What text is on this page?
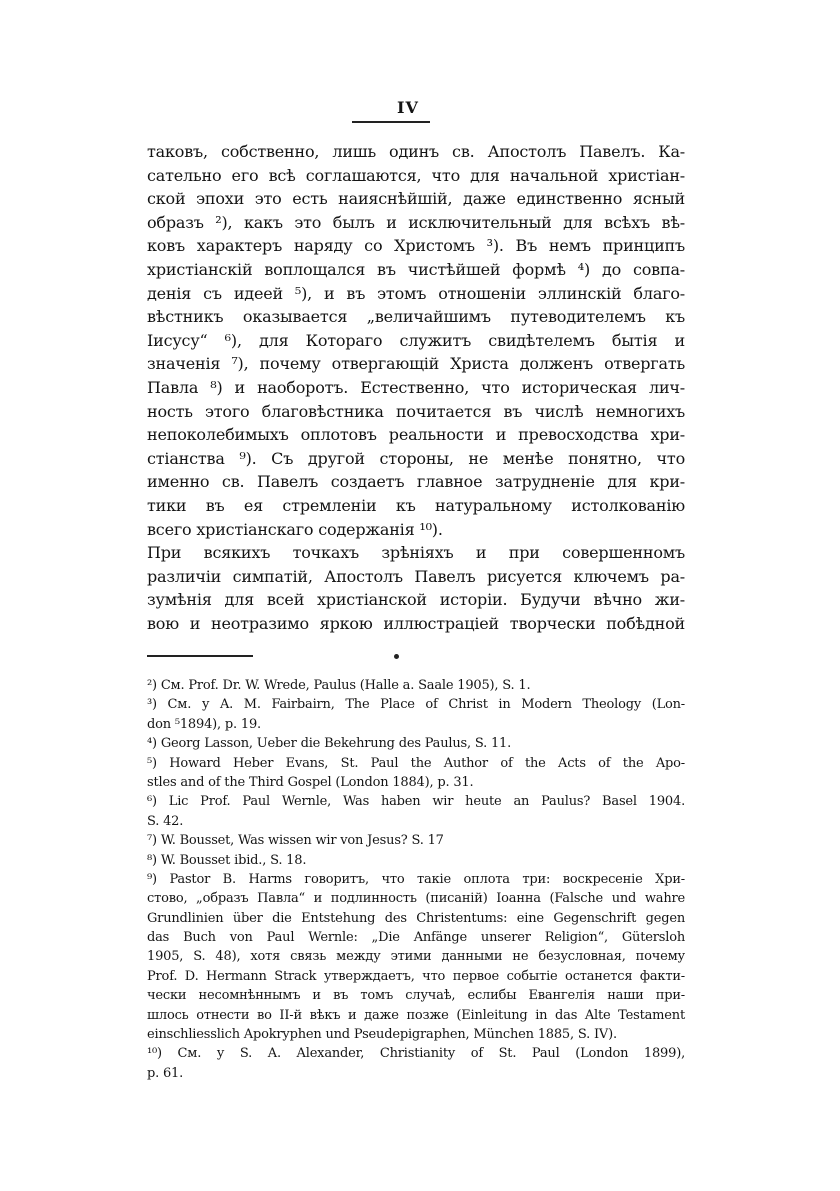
IV
таковъ, собственно, лишь одинъ св. Апостолъ Павелъ. Ка-
сательно его всѣ соглашаются, что для начальной христіан-
ской эпохи это есть наияснѣйшій, даже единственно ясный
образъ ²), какъ это былъ и исключительный для всѣхъ вѣ-
ковъ характеръ наряду со Христомъ ³). Въ немъ принципъ
христіанскій воплощался въ чистѣйшей формѣ ⁴) до совпа-
денія съ идеей ⁵), и въ этомъ отношеніи эллинскій благо-
вѣстникъ оказывается „величайшимъ путеводителемъ къ
Іисусу“ ⁶), для Котораго служитъ свидѣтелемъ бытія и
значенія ⁷), почему отвергающій Христа долженъ отвергать
Павла ⁸) и наоборотъ. Естественно, что историческая лич-
ность этого благовѣстника почитается въ числѣ немногихъ
непоколебимыхъ оплотовъ реальности и превосходства хри-
стіанства ⁹). Съ другой стороны, не менѣе понятно, что
именно св. Павелъ создаетъ главное затрудненіе для кри-
тики въ ея стремленіи къ натуральному истолкованію
всего христіанскаго содержанія ¹⁰).
При всякихъ точкахъ зрѣніяхъ и при совершенномъ
различіи симпатій, Апостолъ Павелъ рисуется ключемъ ра-
зумѣнія для всей христіанской исторіи. Будучи вѣчно жи-
вою и неотразимо яркою иллюстраціей творчески побѣдной
²) См. Prof. Dr. W. Wrede, Paulus (Halle a. Saale 1905), S. 1.
³) См. у A. M. Fairbairn, The Place of Christ in Modern Theology (Lon-
don ⁵1894), p. 19.
⁴) Georg Lasson, Ueber die Bekehrung des Paulus, S. 11.
⁵) Howard Heber Evans, St. Paul the Author of the Acts of the Apo-
stles and of the Third Gospel (London 1884), p. 31.
⁶) Lic Prof. Paul Wernle, Was haben wir heute an Paulus? Basel 1904.
S. 42.
⁷) W. Bousset, Was wissen wir von Jesus? S. 17
⁸) W. Bousset ibid., S. 18.
⁹) Pastor B. Harms говоритъ, что такіе оплота три: воскресеніе Хри-
стово, „образъ Павла“ и подлинность (писаній) Іоанна (Falsche und wahre
Grundlinien über die Entstehung des Christentums: eine Gegenschrift gegen
das Buch von Paul Wernle: „Die Anfänge unserer Religion“, Gütersloh
1905, S. 48), хотя связь между этими данными не безусловная, почему
Prof. D. Hermann Strack утверждаетъ, что первое событіе останется факти-
чески несомнѣннымъ и въ томъ случаѣ, еслибы Евангелія наши при-
шлось отнести во II-й вѣкъ и даже позже (Einleitung in das Alte Testament
einschliesslich Apokryphen und Pseudepigraphen, München 1885, S. IV).
¹⁰) См. у S. A. Alexander, Christianity of St. Paul (London 1899),
p. 61.
